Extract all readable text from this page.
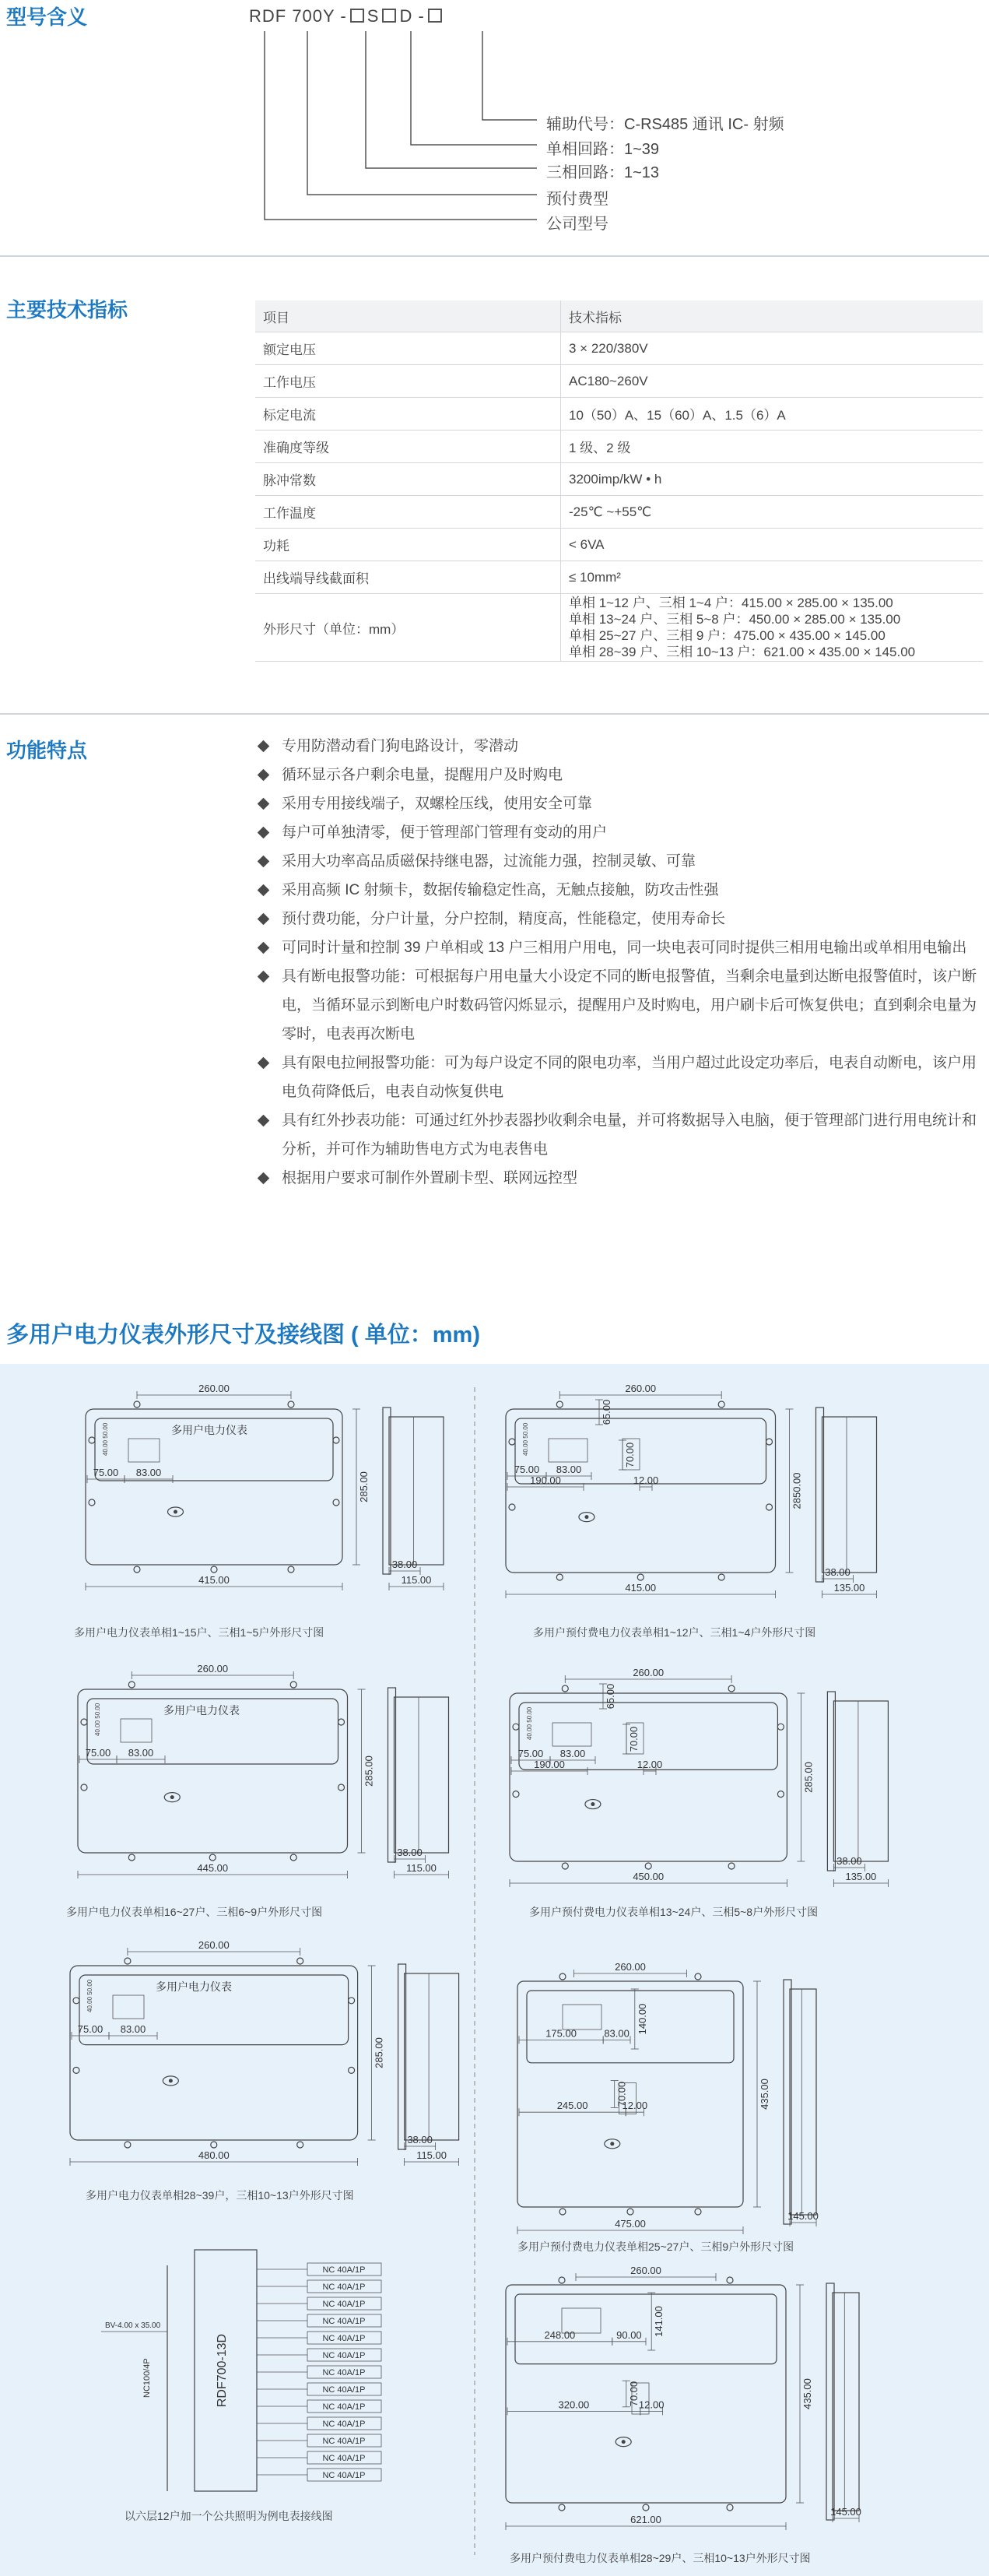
型号含义	RDF 700Y - S D -
辅助代号：C-RS485 通讯 IC- 射频
单相回路：1~39
三相回路：1~13
预付费型
公司型号
主要技术指标	项目	技术指标
额定电压	3 × 220/380V
工作电压	AC180~260V
标定电流	10（50）A、15（60）A、1.5（6）A
准确度等级	1 级、2 级
脉冲常数	3200imp/kW • h
工作温度	-25℃ ~+55℃
功耗	< 6VA
出线端导线截面积	≤ 10mm²
外形尺寸（单位：mm）	单相 1~12 户、三相 1~4 户：415.00 × 285.00 × 135.00
单相 13~24 户、三相 5~8 户：450.00 × 285.00 × 135.00
单相 25~27 户、三相 9 户：475.00 × 435.00 × 145.00
单相 28~39 户、三相 10~13 户：621.00 × 435.00 × 145.00
功能特点	专用防潜动看门狗电路设计，零潜动
循环显示各户剩余电量，提醒用户及时购电
采用专用接线端子，双螺栓压线，使用安全可靠
每户可单独清零，便于管理部门管理有变动的用户
采用大功率高品质磁保持继电器，过流能力强，控制灵敏、可靠
采用高频 IC 射频卡，数据传输稳定性高，无触点接触，防攻击性强
预付费功能，分户计量，分户控制，精度高，性能稳定，使用寿命长
可同时计量和控制 39 户单相或 13 户三相用户用电，同一块电表可同时提供三相用电输出或单相用电输出
具有断电报警功能：可根据每户用电量大小设定不同的断电报警值，当剩余电量到达断电报警值时，该户断电，当循环显示到断电户时数码管闪烁显示，提醒用户及时购电，用户刷卡后可恢复供电；直到剩余电量为零时，电表再次断电
具有限电拉闸报警功能：可为每户设定不同的限电功率，当用户超过此设定功率后，电表自动断电，该户用电负荷降低后，电表自动恢复供电
具有红外抄表功能：可通过红外抄表器抄收剩余电量，并可将数据导入电脑，便于管理部门进行用电统计和分析，并可作为辅助售电方式为电表售电
根据用户要求可制作外置刷卡型、联网远控型
多用户电力仪表外形尺寸及接线图 ( 单位：mm)
多用户电力仪表
40.00 50.00
260.00
75.00 83.00
415.00
285.00
38.00
115.00
多用户电力仪表单相1~15户、三相1~5户外形尺寸图
40.00 50.00
260.00
65.00
70.00
75.00 83.00
190.00	12.00
415.00
2850.00
38.00
135.00
多用户预付费电力仪表单相1~12户、三相1~4户外形尺寸图
多用户电力仪表
40.00 50.00
260.00
75.00 83.00
445.00
285.00
38.00
115.00
多用户电力仪表单相16~27户、三相6~9户外形尺寸图
40.00 50.00
260.00
65.00
70.00
75.00 83.00
190.00	12.00
450.00
285.00
38.00
135.00
多用户预付费电力仪表单相13~24户、三相5~8户外形尺寸图
多用户电力仪表
40.00 50.00
260.00
75.00 83.00
480.00
285.00
38.00
115.00
多用户电力仪表单相28~39户，三相10~13户外形尺寸图
260.00
175.00	83.00 140.00
70.00
245.00	12.00
475.00
435.00
145.00
多用户预付费电力仪表单相25~27户、三相9户外形尺寸图
260.00
248.00	90.00 141.00
70.00
320.00	12.00
621.00
435.00
145.00
多用户预付费电力仪表单相28~29户、三相10~13户外形尺寸图
RDF700-13D
NC100/4P
BV-4.00 x 35.00
NC 40A/1P
NC 40A/1P
NC 40A/1P
NC 40A/1P
NC 40A/1P
NC 40A/1P
NC 40A/1P
NC 40A/1P
NC 40A/1P
NC 40A/1P
NC 40A/1P
NC 40A/1P
NC 40A/1P
以六层12户加一个公共照明为例电表接线图
